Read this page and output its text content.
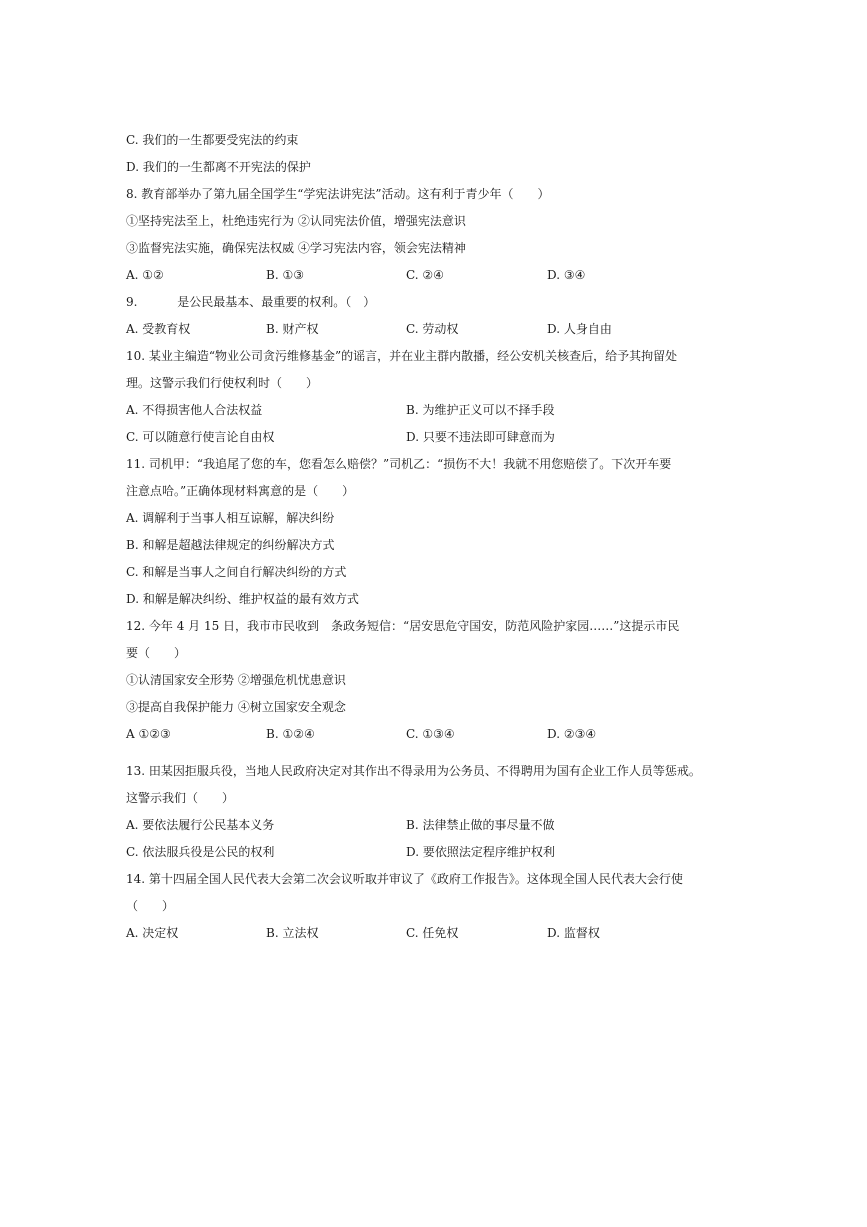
C. 我们的一生都要受宪法的约束
D. 我们的一生都离不开宪法的保护
8. 教育部举办了第九届全国学生“学宪法讲宪法”活动。这有利于青少年（　　）
①坚持宪法至上，杜绝违宪行为 ②认同宪法价值，增强宪法意识
③监督宪法实施，确保宪法权威 ④学习宪法内容，领会宪法精神
A. ①②	B. ①③	C. ②④	D. ③④
9. 　　　是公民最基本、最重要的权利。（　）
A. 受教育权	B. 财产权	C. 劳动权	D. 人身自由
10. 某业主编造“物业公司贪污维修基金”的谣言，并在业主群内散播，经公安机关核查后，给予其拘留处
理。这警示我们行使权利时（　　）
A. 不得损害他人合法权益	B. 为维护正义可以不择手段
C. 可以随意行使言论自由权	D. 只要不违法即可肆意而为
11. 司机甲：“我追尾了您的车，您看怎么赔偿？”司机乙：“损伤不大！我就不用您赔偿了。下次开车要
注意点哈。”正确体现材料寓意的是（　　）
A. 调解利于当事人相互谅解，解决纠纷
B. 和解是超越法律规定的纠纷解决方式
C. 和解是当事人之间自行解决纠纷的方式
D. 和解是解决纠纷、维护权益的最有效方式
12. 今年 4 月 15 日，我市市民收到　条政务短信：“居安思危守国安，防范风险护家园……”这提示市民
要（　　）
①认清国家安全形势 ②增强危机忧患意识
③提高自我保护能力 ④树立国家安全观念
A ①②③	B. ①②④	C. ①③④	D. ②③④
13. 田某因拒服兵役，当地人民政府决定对其作出不得录用为公务员、不得聘用为国有企业工作人员等惩戒。
这警示我们（　　）
A. 要依法履行公民基本义务	B. 法律禁止做的事尽量不做
C. 依法服兵役是公民的权利	D. 要依照法定程序维护权利
14. 第十四届全国人民代表大会第二次会议听取并审议了《政府工作报告》。这体现全国人民代表大会行使
（　　）
A. 决定权	B. 立法权	C. 任免权	D. 监督权
